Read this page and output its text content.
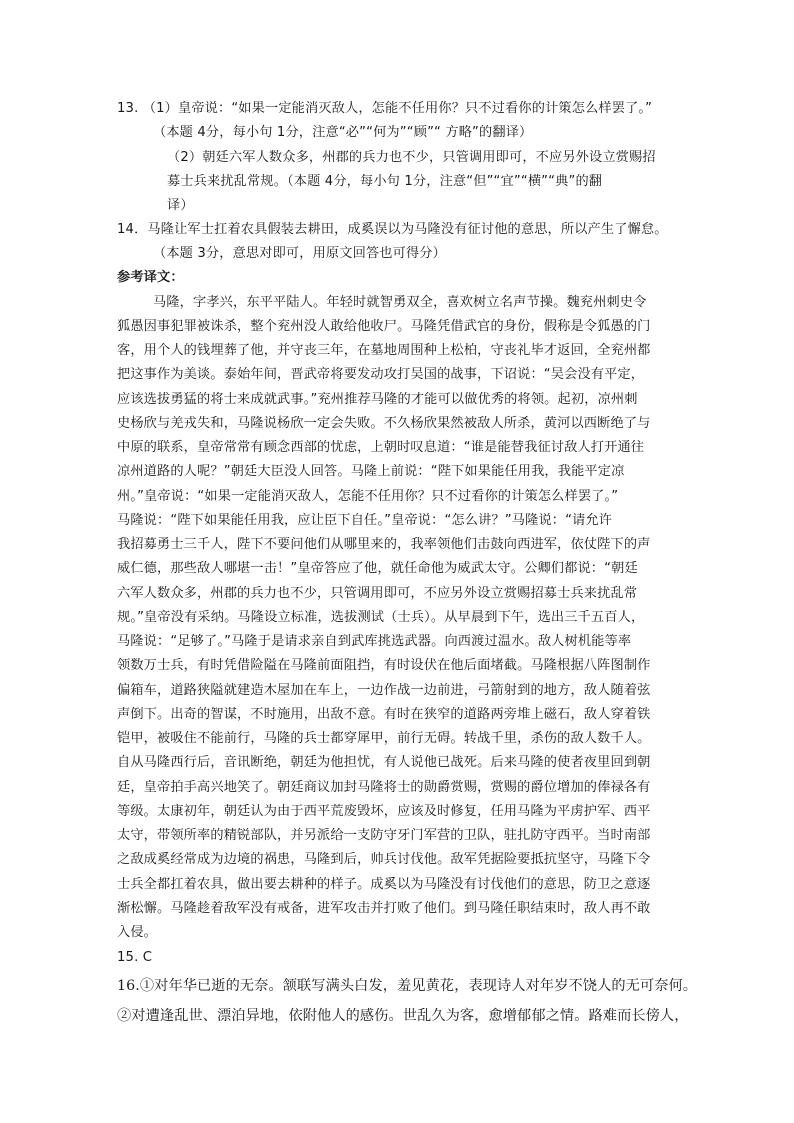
13. （1）皇帝说：“如果一定能消灭敌人，怎能不任用你？只不过看你的计策怎么样罢了。”
（本题 4分，每小句 1分，注意“必”“何为”“顾”“ 方略”的翻译）
（2）朝廷六军人数众多，州郡的兵力也不少，只管调用即可，不应另外设立赏赐招
募士兵来扰乱常规。（本题 4分，每小句 1分，注意“但”“宜”“横”“典”的翻
译）
14．马隆让军士扛着农具假装去耕田，成奚误以为马隆没有征讨他的意思，所以产生了懈怠。
（本题 3分，意思对即可，用原文回答也可得分）
参考译文：
马隆，字孝兴，东平平陆人。年轻时就智勇双全，喜欢树立名声节操。魏兖州刺史令
狐愚因事犯罪被诛杀，整个兖州没人敢给他收尸。马隆凭借武官的身份，假称是令狐愚的门
客，用个人的钱埋葬了他，并守丧三年，在墓地周围种上松柏，守丧礼毕才返回，全兖州都
把这事作为美谈。泰始年间，晋武帝将要发动攻打吴国的战事，下诏说：“吴会没有平定，
应该选拔勇猛的将士来成就武事。”兖州推荐马隆的才能可以做优秀的将领。起初，凉州刺
史杨欣与羌戎失和，马隆说杨欣一定会失败。不久杨欣果然被敌人所杀，黄河以西断绝了与
中原的联系，皇帝常常有顾念西部的忧虑，上朝时叹息道：“谁是能替我征讨敌人打开通往
凉州道路的人呢？”朝廷大臣没人回答。马隆上前说：“陛下如果能任用我，我能平定凉
州。”皇帝说：“如果一定能消灭敌人，怎能不任用你？只不过看你的计策怎么样罢了。”
马隆说：“陛下如果能任用我，应让臣下自任。”皇帝说：“怎么讲？”马隆说：“请允许
我招募勇士三千人，陛下不要问他们从哪里来的，我率领他们击鼓向西进军，依仗陛下的声
威仁德，那些敌人哪堪一击！”皇帝答应了他，就任命他为威武太守。公卿们都说：“朝廷
六军人数众多，州郡的兵力也不少，只管调用即可，不应另外设立赏赐招募士兵来扰乱常
规。”皇帝没有采纳。马隆设立标准，选拔测试（士兵）。从早晨到下午，选出三千五百人，
马隆说：“足够了。”马隆于是请求亲自到武库挑选武器。向西渡过温水。敌人树机能等率
领数万士兵，有时凭借险隘在马隆前面阻挡，有时设伏在他后面堵截。马隆根据八阵图制作
偏箱车，道路狭隘就建造木屋加在车上，一边作战一边前进，弓箭射到的地方，敌人随着弦
声倒下。出奇的智谋，不时施用，出敌不意。有时在狭窄的道路两旁堆上磁石，敌人穿着铁
铠甲，被吸住不能前行，马隆的兵士都穿犀甲，前行无碍。转战千里，杀伤的敌人数千人。
自从马隆西行后，音讯断绝，朝廷为他担忧，有人说他已战死。后来马隆的使者夜里回到朝
廷，皇帝拍手高兴地笑了。朝廷商议加封马隆将士的勋爵赏赐，赏赐的爵位增加的俸禄各有
等级。太康初年，朝廷认为由于西平荒废毁坏，应该及时修复，任用马隆为平虏护军、西平
太守，带领所率的精锐部队，并另派给一支防守牙门军营的卫队，驻扎防守西平。当时南部
之敌成奚经常成为边境的祸患，马隆到后，帅兵讨伐他。敌军凭据险要抵抗坚守，马隆下令
士兵全都扛着农具，做出要去耕种的样子。成奚以为马隆没有讨伐他们的意思，防卫之意逐
渐松懈。马隆趁着敌军没有戒备，进军攻击并打败了他们。到马隆任职结束时，敌人再不敢
入侵。
15. C
16.①对年华已逝的无奈。颔联写满头白发，羞见黄花，表现诗人对年岁不饶人的无可奈何。
②对遭逢乱世、漂泊异地，依附他人的感伤。世乱久为客，愈增郁郁之情。路难而长傍人，
